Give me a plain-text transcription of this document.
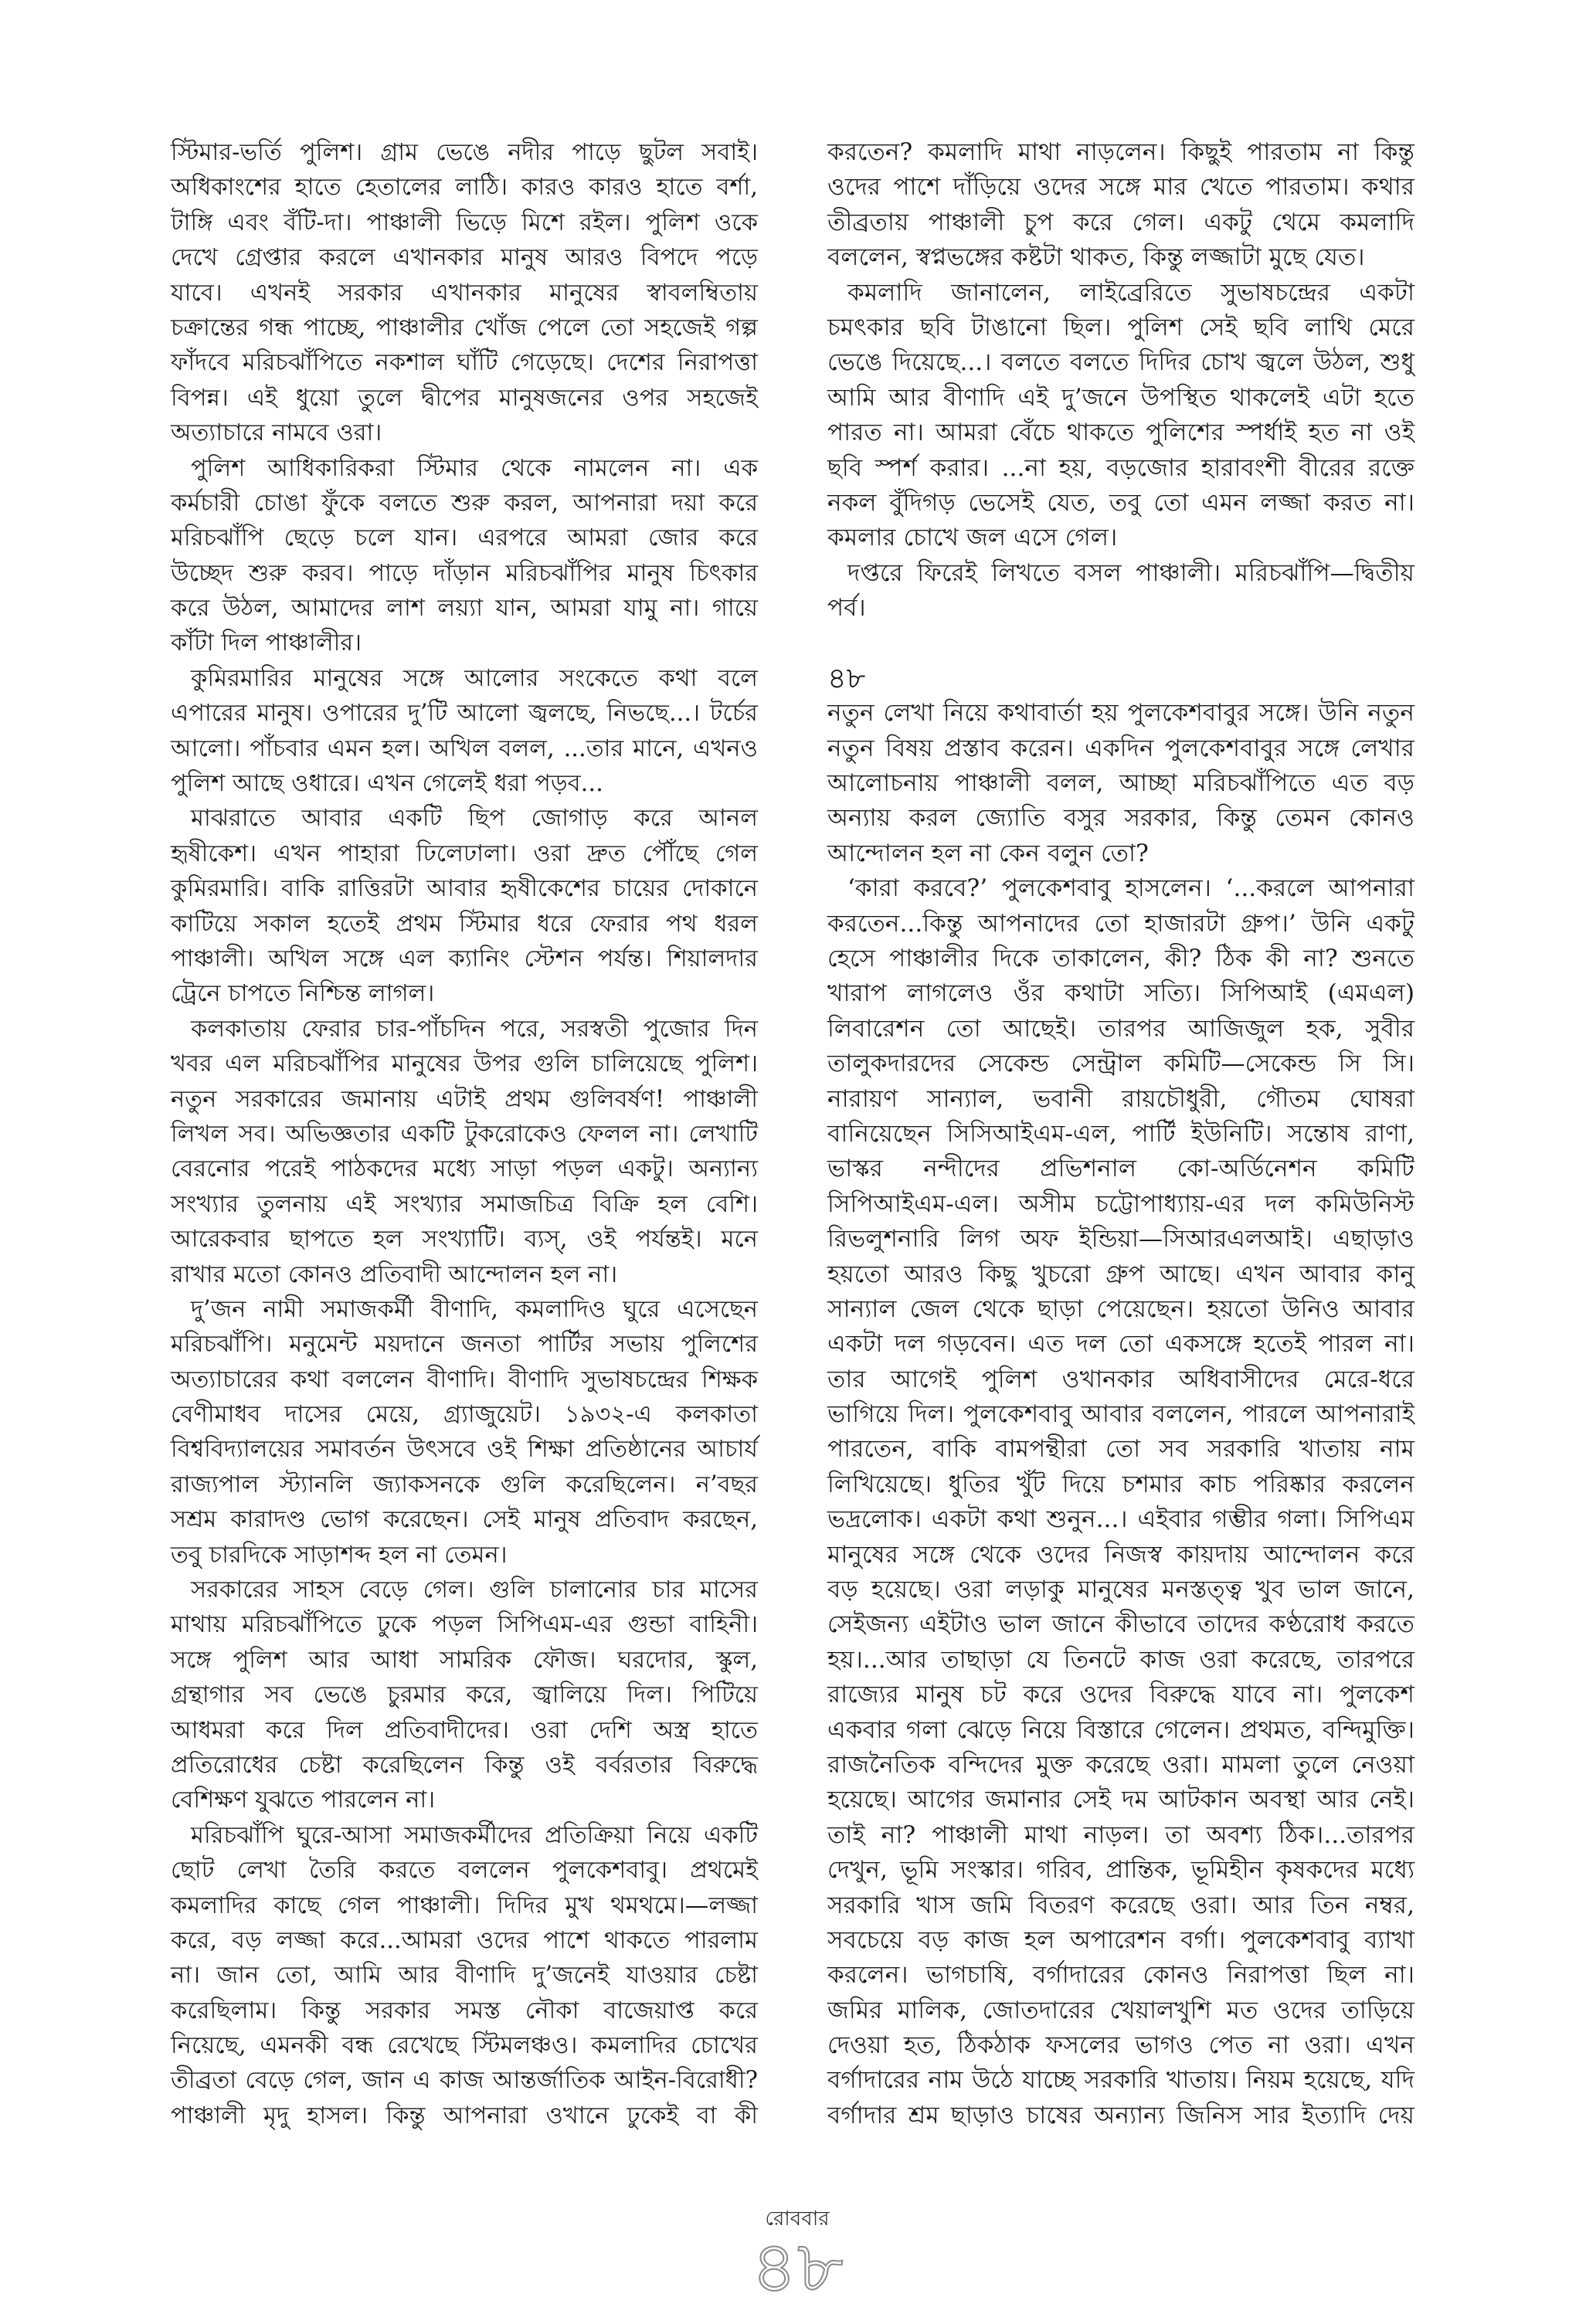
স্টিমার-ভর্তি পুলিশ। গ্রাম ভেঙে নদীর পাড়ে ছুটল সবাই।
অধিকাংশের হাতে হেতালের লাঠি। কারও কারও হাতে বর্শা,
টাঙ্গি এবং বঁটি-দা। পাঞ্চালী ভিড়ে মিশে রইল। পুলিশ ওকে
দেখে গ্রেপ্তার করলে এখানকার মানুষ আরও বিপদে পড়ে
যাবে। এখনই সরকার এখানকার মানুষের স্বাবলম্বিতায়
চক্রান্তের গন্ধ পাচ্ছে, পাঞ্চালীর খোঁজ পেলে তো সহজেই গল্প
ফাঁদবে মরিচঝাঁপিতে নকশাল ঘাঁটি গেড়েছে। দেশের নিরাপত্তা
বিপন্ন। এই ধুয়ো তুলে দ্বীপের মানুষজনের ওপর সহজেই
অত্যাচারে নামবে ওরা।
পুলিশ আধিকারিকরা স্টিমার থেকে নামলেন না। এক
কর্মচারী চোঙা ফুঁকে বলতে শুরু করল, আপনারা দয়া করে
মরিচঝাঁপি ছেড়ে চলে যান। এরপরে আমরা জোর করে
উচ্ছেদ শুরু করব। পাড়ে দাঁড়ান মরিচঝাঁপির মানুষ চিৎকার
করে উঠল, আমাদের লাশ লয়্যা যান, আমরা যামু না। গায়ে
কাঁটা দিল পাঞ্চালীর।
কুমিরমারির মানুষের সঙ্গে আলোর সংকেতে কথা বলে
এপারের মানুষ। ওপারের দু’টি আলো জ্বলছে, নিভছে...। টর্চের
আলো। পাঁচবার এমন হল। অখিল বলল, ...তার মানে, এখনও
পুলিশ আছে ওধারে। এখন গেলেই ধরা পড়ব...
মাঝরাতে আবার একটি ছিপ জোগাড় করে আনল
হৃষীকেশ। এখন পাহারা ঢিলেঢালা। ওরা দ্রুত পৌঁছে গেল
কুমিরমারি। বাকি রাত্তিরটা আবার হৃষীকেশের চায়ের দোকানে
কাটিয়ে সকাল হতেই প্রথম স্টিমার ধরে ফেরার পথ ধরল
পাঞ্চালী। অখিল সঙ্গে এল ক্যানিং স্টেশন পর্যন্ত। শিয়ালদার
ট্রেনে চাপতে নিশ্চিন্ত লাগল।
কলকাতায় ফেরার চার-পাঁচদিন পরে, সরস্বতী পুজোর দিন
খবর এল মরিচঝাঁপির মানুষের উপর গুলি চালিয়েছে পুলিশ।
নতুন সরকারের জমানায় এটাই প্রথম গুলিবর্ষণ! পাঞ্চালী
লিখল সব। অভিজ্ঞতার একটি টুকরোকেও ফেলল না। লেখাটি
বেরনোর পরেই পাঠকদের মধ্যে সাড়া পড়ল একটু। অন্যান্য
সংখ্যার তুলনায় এই সংখ্যার সমাজচিত্র বিক্রি হল বেশি।
আরেকবার ছাপতে হল সংখ্যাটি। ব্যস্, ওই পর্যন্তই। মনে
রাখার মতো কোনও প্রতিবাদী আন্দোলন হল না।
দু’জন নামী সমাজকর্মী বীণাদি, কমলাদিও ঘুরে এসেছেন
মরিচঝাঁপি। মনুমেন্ট ময়দানে জনতা পার্টির সভায় পুলিশের
অত্যাচারের কথা বললেন বীণাদি। বীণাদি সুভাষচন্দ্রের শিক্ষক
বেণীমাধব দাসের মেয়ে, গ্র্যাজুয়েট। ১৯৩২-এ কলকাতা
বিশ্ববিদ্যালয়ের সমাবর্তন উৎসবে ওই শিক্ষা প্রতিষ্ঠানের আচার্য
রাজ্যপাল স্ট্যানলি জ্যাকসনকে গুলি করেছিলেন। ন’বছর
সশ্রম কারাদণ্ড ভোগ করেছেন। সেই মানুষ প্রতিবাদ করছেন,
তবু চারদিকে সাড়াশব্দ হল না তেমন।
সরকারের সাহস বেড়ে গেল। গুলি চালানোর চার মাসের
মাথায় মরিচঝাঁপিতে ঢুকে পড়ল সিপিএম-এর গুন্ডা বাহিনী।
সঙ্গে পুলিশ আর আধা সামরিক ফৌজ। ঘরদোর, স্কুল,
গ্রন্থাগার সব ভেঙে চুরমার করে, জ্বালিয়ে দিল। পিটিয়ে
আধমরা করে দিল প্রতিবাদীদের। ওরা দেশি অস্ত্র হাতে
প্রতিরোধের চেষ্টা করেছিলেন কিন্তু ওই বর্বরতার বিরুদ্ধে
বেশিক্ষণ যুঝতে পারলেন না।
মরিচঝাঁপি ঘুরে-আসা সমাজকর্মীদের প্রতিক্রিয়া নিয়ে একটি
ছোট লেখা তৈরি করতে বললেন পুলকেশবাবু। প্রথমেই
কমলাদির কাছে গেল পাঞ্চালী। দিদির মুখ থমথমে।—লজ্জা
করে, বড় লজ্জা করে...আমরা ওদের পাশে থাকতে পারলাম
না। জান তো, আমি আর বীণাদি দু’জনেই যাওয়ার চেষ্টা
করেছিলাম। কিন্তু সরকার সমস্ত নৌকা বাজেয়াপ্ত করে
নিয়েছে, এমনকী বন্ধ রেখেছে স্টিমলঞ্চও। কমলাদির চোখের
তীব্রতা বেড়ে গেল, জান এ কাজ আন্তর্জাতিক আইন-বিরোধী?
পাঞ্চালী মৃদু হাসল। কিন্তু আপনারা ওখানে ঢুকেই বা কী
করতেন? কমলাদি মাথা নাড়লেন। কিছুই পারতাম না কিন্তু
ওদের পাশে দাঁড়িয়ে ওদের সঙ্গে মার খেতে পারতাম। কথার
তীব্রতায় পাঞ্চালী চুপ করে গেল। একটু থেমে কমলাদি
বললেন, স্বপ্নভঙ্গের কষ্টটা থাকত, কিন্তু লজ্জাটা মুছে যেত।
কমলাদি জানালেন, লাইব্রেরিতে সুভাষচন্দ্রের একটা
চমৎকার ছবি টাঙানো ছিল। পুলিশ সেই ছবি লাথি মেরে
ভেঙে দিয়েছে...। বলতে বলতে দিদির চোখ জ্বলে উঠল, শুধু
আমি আর বীণাদি এই দু’জনে উপস্থিত থাকলেই এটা হতে
পারত না। আমরা বেঁচে থাকতে পুলিশের স্পর্ধাই হত না ওই
ছবি স্পর্শ করার। ...না হয়, বড়জোর হারাবংশী বীরের রক্তে
নকল বুঁদিগড় ভেসেই যেত, তবু তো এমন লজ্জা করত না।
কমলার চোখে জল এসে গেল।
দপ্তরে ফিরেই লিখতে বসল পাঞ্চালী। মরিচঝাঁপি—দ্বিতীয়
পর্ব।
৪৮
নতুন লেখা নিয়ে কথাবার্তা হয় পুলকেশবাবুর সঙ্গে। উনি নতুন
নতুন বিষয় প্রস্তাব করেন। একদিন পুলকেশবাবুর সঙ্গে লেখার
আলোচনায় পাঞ্চালী বলল, আচ্ছা মরিচঝাঁপিতে এত বড়
অন্যায় করল জ্যোতি বসুর সরকার, কিন্তু তেমন কোনও
আন্দোলন হল না কেন বলুন তো?
‘কারা করবে?’ পুলকেশবাবু হাসলেন। ‘...করলে আপনারা
করতেন...কিন্তু আপনাদের তো হাজারটা গ্রুপ।’ উনি একটু
হেসে পাঞ্চালীর দিকে তাকালেন, কী? ঠিক কী না? শুনতে
খারাপ লাগলেও ওঁর কথাটা সত্যি। সিপিআই (এমএল)
লিবারেশন তো আছেই। তারপর আজিজুল হক, সুবীর
তালুকদারদের সেকেন্ড সেন্ট্রাল কমিটি—সেকেন্ড সি সি।
নারায়ণ সান্যাল, ভবানী রায়চৌধুরী, গৌতম ঘোষরা
বানিয়েছেন সিসিআইএম-এল, পার্টি ইউনিটি। সন্তোষ রাণা,
ভাস্কর নন্দীদের প্রভিশনাল কো-অর্ডিনেশন কমিটি
সিপিআইএম-এল। অসীম চট্টোপাধ্যায়-এর দল কমিউনিস্ট
রিভলুশনারি লিগ অফ ইন্ডিয়া—সিআরএলআই। এছাড়াও
হয়তো আরও কিছু খুচরো গ্রুপ আছে। এখন আবার কানু
সান্যাল জেল থেকে ছাড়া পেয়েছেন। হয়তো উনিও আবার
একটা দল গড়বেন। এত দল তো একসঙ্গে হতেই পারল না।
তার আগেই পুলিশ ওখানকার অধিবাসীদের মেরে-ধরে
ভাগিয়ে দিল। পুলকেশবাবু আবার বললেন, পারলে আপনারাই
পারতেন, বাকি বামপন্থীরা তো সব সরকারি খাতায় নাম
লিখিয়েছে। ধুতির খুঁট দিয়ে চশমার কাচ পরিষ্কার করলেন
ভদ্রলোক। একটা কথা শুনুন...। এইবার গম্ভীর গলা। সিপিএম
মানুষের সঙ্গে থেকে ওদের নিজস্ব কায়দায় আন্দোলন করে
বড় হয়েছে। ওরা লড়াকু মানুষের মনস্তত্ত্ব খুব ভাল জানে,
সেইজন্য এইটাও ভাল জানে কীভাবে তাদের কণ্ঠরোধ করতে
হয়।...আর তাছাড়া যে তিনটে কাজ ওরা করেছে, তারপরে
রাজ্যের মানুষ চট করে ওদের বিরুদ্ধে যাবে না। পুলকেশ
একবার গলা ঝেড়ে নিয়ে বিস্তারে গেলেন। প্রথমত, বন্দিমুক্তি।
রাজনৈতিক বন্দিদের মুক্ত করেছে ওরা। মামলা তুলে নেওয়া
হয়েছে। আগের জমানার সেই দম আটকান অবস্থা আর নেই।
তাই না? পাঞ্চালী মাথা নাড়ল। তা অবশ্য ঠিক।...তারপর
দেখুন, ভূমি সংস্কার। গরিব, প্রান্তিক, ভূমিহীন কৃষকদের মধ্যে
সরকারি খাস জমি বিতরণ করেছে ওরা। আর তিন নম্বর,
সবচেয়ে বড় কাজ হল অপারেশন বর্গা। পুলকেশবাবু ব্যাখা
করলেন। ভাগচাষি, বর্গাদারের কোনও নিরাপত্তা ছিল না।
জমির মালিক, জোতদারের খেয়ালখুশি মত ওদের তাড়িয়ে
দেওয়া হত, ঠিকঠাক ফসলের ভাগও পেত না ওরা। এখন
বর্গাদারের নাম উঠে যাচ্ছে সরকারি খাতায়। নিয়ম হয়েছে, যদি
বর্গাদার শ্রম ছাড়াও চাষের অন্যান্য জিনিস সার ইত্যাদি দেয়
রোববার
৪৮
